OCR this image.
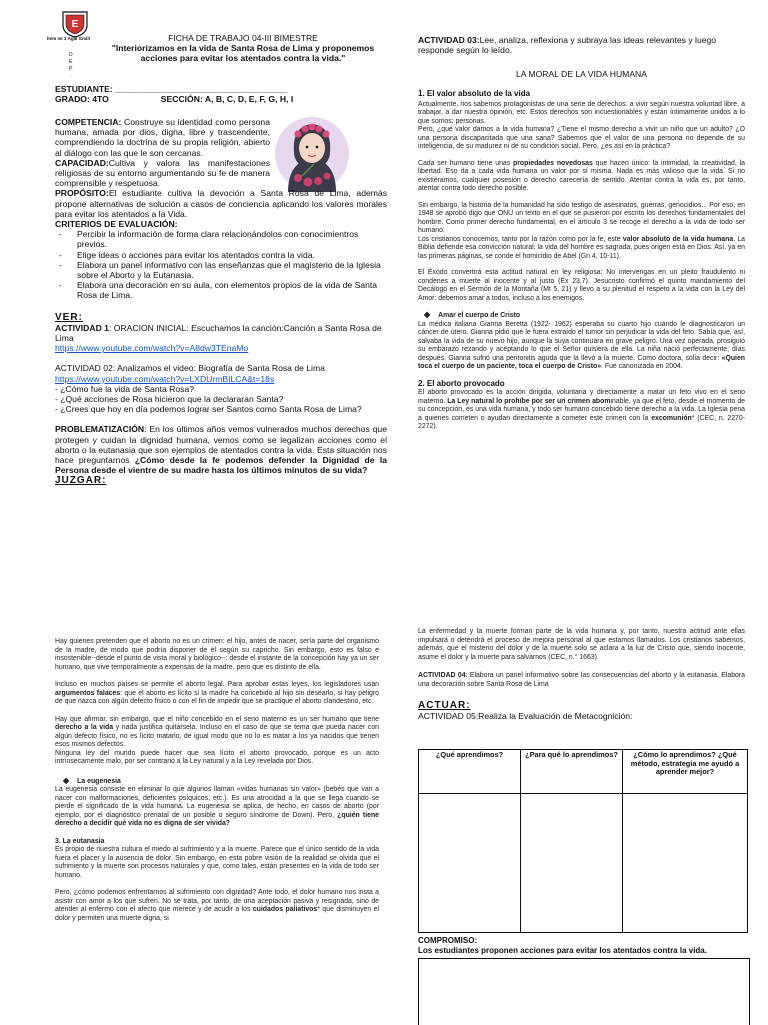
E
Ítem Ist 1 Agal Gmilt
D
E
P
.

FICHA DE TRABAJO 04-III BIMESTRE

"Interiorizamos en la vida de Santa Rosa de Lima y proponemos acciones para evitar los atentados contra la vida."

ESTUDIANTE: ____________________________________

GRADO: 4TO	SECCIÓN: A, B, C, D, E, F, G, H, I

COMPETENCIA: Construye su identidad como persona humana, amada por dios, digna, libre y trascendente, comprendiendo la doctrina de su propia religión, abierto al diálogo con las que le son cercanas.

CAPACIDAD:Cultiva y valora las manifestaciones religiosas de su entorno argumentando su fe de manera comprensible y respetuosa.

PROPÓSITO:El estudiante cultiva la devoción a Santa Rosa de Lima, además propone alternativas de solución a casos de conciencia aplicando los valores morales para evitar los atentados a la Vida.

CRITERIOS DE EVALUACIÓN:

- Percibir la información de forma clara relacionándolos con conocimientros previos.
- Elige ideas o acciones para evitar los atentados contra la vida.
- Elabora un panel informativo con las enseñanzas que el magisterio de la Iglesia sobre el Aborto y la Eutanasia.
- Elabora una decoración en su aula, con elementos propios de la vida de Santa Rosa de Lima.

VER:

ACTIVIDAD 1: ORACION INICIAL: Escuchamos la canción:Canción a Santa Rosa de Lima

https://www.youtube.com/watch?v=A8dw3TEnaMo

ACTIVIDAD 02: Analizamos el video: Biografía de Santa Rosa de Lima

https://www.youtube.com/watch?v=LXDUrmBILCA&t=18s

- ¿Cómo fue la vida de Santa Rosa?

- ¿Qué acciones de Rosa hicieron que la declararan Santa?

- ¿Crees que hoy en día podemos lograr ser Santos como Santa Rosa de Lima?

PROBLEMATIZACIÓN: En los últimos años vemos vulnerados muchos derechos que protegen y cuidan la dignidad humana, vemos como se legalizan acciones como el aborto o la eutanasia que son ejemplos de atentados contra la vida. Esta situación nos hace preguntarnos ¿Cómo desde la fe podemos defender la Dignidad de la Persona desde el vientre de su madre hasta los últimos minutos de su vida?

JUZGAR:

ACTIVIDAD 03:Lee, analiza, reflexiona y subraya las ideas relevantes y luego responde según lo leído.

LA MORAL DE LA VIDA HUMANA

1. El valor absoluto de la vida

Actualmente, nos sabemos protagonistas de una serie de derechos: a vivir según nuestra voluntad libre, a trabajar, a dar nuestra opinión, etc. Estos derechos son incuestionables y están íntimamente unidos a lo que somos: personas.

Pero, ¿qué valor damos a la vida humana? ¿Tiene el mismo derecho a vivir un niño que un adulto? ¿O una persona discapacitada que una sana? Sabemos que el valor de una persona no depende de su inteligencia, de su madurez ni de su condición social. Pero, ¿es así en la práctica?

Cada ser humano tiene unas propiedades novedosas que hacen único: la intimidad, la creatividad, la libertad. Eso da a cada vida humana un valor por sí misma. Nada es más valioso que la vida. Si no existiéramos, cualquier posesión o derecho carecería de sentido. Atentar contra la vida es, por tanto, atentar contra todo derecho posible.

Sin embargo, la historia de la humanidad ha sido testigo de asesinatos, guerras, genocidios... Por eso, en 1948 se aprobó digo que ONU un texto en el que se pusieron por escrito los derechos fundamentales del hombre. Como primer derecho fundamental, en el artículo 3 se recoge el derecho a la vida de todo ser humano.

Los cristianos conocemos, tanto por la razón como por la fe, este valor absoluto de la vida humana. La Biblia defiende esa convicción natural: la vida del hombre es sagrada, pues origen está en Dios. Así, ya en las primeras páginas, se conde el homicidio de Abel (Gn 4, 10-11).

El Éxodo convertirá esta actitud natural en ley religiosa: No intervengas en un pleito fraudulento ni condenes a muerte al inocente y al justo (Éx 23,7). Jesucristo confirmó el quinto mandamiento del Decálogo en el Sermón de la Montaña (Mt 5, 21) y llevó a su plenitud el respeto a la vida con la Ley del Amor: debemos amar a todos, incluso a los enemigos.

◆ Amar el cuerpo de Cristo

La médica italiana Gianna Beretta (1922- 1962) esperaba su cuarto hijo cuando le diagnosticaron un cáncer de útero. Gianna pidió que le fuera extraído el tumor sin perjudicar la vida del feto. Sabía que, así, salvaba la vida de su nuevo hijo, aunque la suya continuara en grave peligro. Una vez operada, prosiguió su embarazo rezando y aceptando lo que el Señor quisiera de ella. La niña nació perfectamente; días después, Gianna sufrió una peritonitis aguda que la llevó a la muerte. Como doctora, solía decir: «Quien toca el cuerpo de un paciente, toca el cuerpo de Cristo». Fue canonizada en 2004.

2. El aborto provocado

El aborto provocado es la acción dirigida, voluntaria y directamente a matar un feto vivo en el seno materno. La Ley natural lo prohíbe por ser un crimen abominable, ya que el feto, desde el momento de su concepción, es una vida humana, y todo ser humano concebido tiene derecho a la vida. La Iglesia pena a quienes cometen o ayudan directamente a cometer este crimen con la excomunión* (CEC, n. 2270-2272).

Hay quienes pretenden que el aborto no es un crimen: el hijo, antes de nacer, sería parte del organismo de la madre, de modo que podría disponer de él según su capricho. Sin embargo, esto es falso e insostenible--desde el punto de vista moral y biológico--: desde el instante de la concepción hay ya un ser humano, que vive temporalmente a expensas de la madre, pero que es distinto de ella.

Incluso en muchos países se permite el aborto legal. Para aprobar estas leyes, los legisladores usan argumentos falaces: que el aborto es lícito si la madre ha concebido al hijo sin desearlo, si hay peligro de que nazca con algún defecto físico o con el fin de impedir que se practique el aborto clandestino, etc.

Hay que afirmar, sin embargo, que el niño concebido en el seno materno es un ser humano que tiene derecho a la vida y nada justifica quitársela. Incluso en el caso de que se tema que pueda nacer con algún defecto físico, no es lícito matarlo, de igual modo que no lo es matar a los ya nacidos que tienen esos mismos defectos.

Ninguna ley del mundo puede hacer que sea lícito el aborto provocado, porque es un acto intrínsecamente malo, por ser contrario a la Ley natural y a la Ley revelada por Dios.

◆ La eugenesia

La eugenesia consiste en eliminar lo que algunos llaman «vidas humanas sin valor» (bebés que van a nacer con malformaciones, deficientes psíquicos, etc.). Es una atrocidad a la que se llega cuando se pierde el significado de la vida humana. La eugenesia se aplica, de hecho, en casos de aborto (por ejemplo, por el diagnóstico prenatal de un posible o seguro síndrome de Down). Pero, ¿quién tiene derecho a decidir qué vida no es digna de ser vivida?

3. La eutanasia

Es propio de nuestra cultura el miedo al sufrimiento y a la muerte. Parece que el único sentido de la vida fuera el placer y la ausencia de dolor. Sin embargo, en esta pobre visión de la realidad se olvida que el sufrimiento y la muerte son procesos naturales y que, como tales, están presentes en la vida de todo ser humano.

Pero, ¿cómo podemos enfrentarnos al sufrimiento con dignidad? Ante todo, el dolor humano nos insta a asistir con amor a los que sufren. No se trata, por tanto, de una aceptación pasiva y resignada, sino de atender al enfermo con el afecto que merece y de acudir a los cuidados paliativos* que disminuyen el dolor y permiten una muerte digna, si

La enfermedad y la muerte forman parte de la vida humana y, por tanto, nuestra actitud ante ellas impulsará o detendrá el proceso de mejora personal al que estamos llamados. Los cristianos sabemos, además, que el misterio del dolor y de la muerte solo se aclara a la luz de Cristo que, siendo inocente, asume el dolor y la muerte para salvarnos (CEC, n.° 1663).

ACTIVIDAD 04: Elabora un panel informativo sobre las consecuencias del aborto y la eutanasia. Elabora una decoración sobre Santa Rosa de Lima

ACTUAR:

ACTIVIDAD 05:Realiza la Evaluación de Metacognición:

¿Qué aprendimos?	¿Para qué lo aprendimos?	¿Cómo lo aprendimos? ¿Qué método, estrategia me ayudó a aprender mejor?

COMPROMISO:

Los estudiantes proponen acciones para evitar los atentados contra la vida.
